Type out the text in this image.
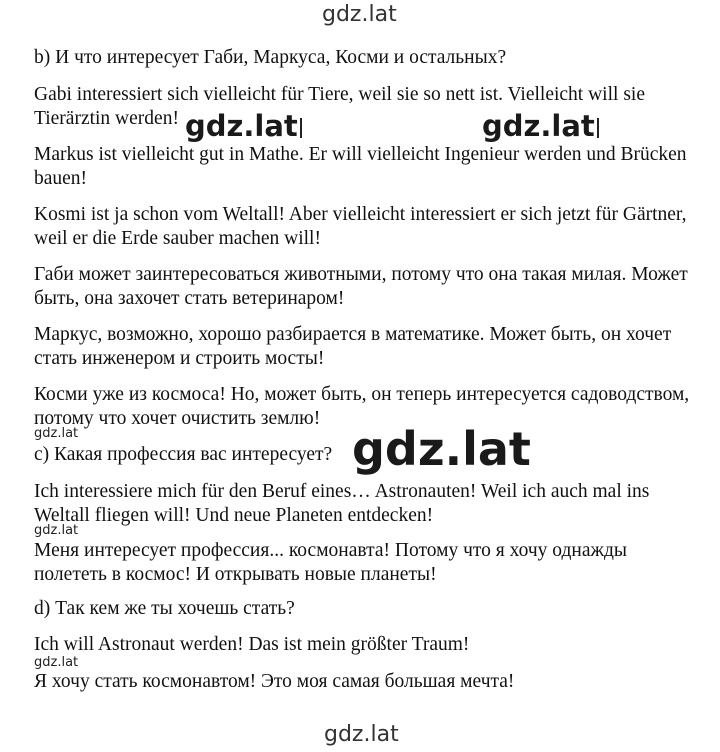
b) И что интересует Габи, Маркуса, Косми и остальных?

Gabi interessiert sich vielleicht für Tiere, weil sie so nett ist. Vielleicht will sie Tierärztin werden!

Markus ist vielleicht gut in Mathe. Er will vielleicht Ingenieur werden und Brücken bauen!

Kosmi ist ja schon vom Weltall! Aber vielleicht interessiert er sich jetzt für Gärtner, weil er die Erde sauber machen will!

Габи может заинтересоваться животными, потому что она такая милая. Может быть, она захочет стать ветеринаром!

Маркус, возможно, хорошо разбирается в математике. Может быть, он хочет стать инженером и строить мосты!

Косми уже из космоса! Но, может быть, он теперь интересуется садоводством, потому что хочет очистить землю!

c) Какая профессия вас интересует?

Ich interessiere mich für den Beruf eines… Astronauten! Weil ich auch mal ins Weltall fliegen will! Und neue Planeten entdecken!

Меня интересует профессия... космонавта! Потому что я хочу однажды полететь в космос! И открывать новые планеты!

d) Так кем же ты хочешь стать?

Ich will Astronaut werden! Das ist mein größter Traum!

Я хочу стать космонавтом! Это моя самая большая мечта!

gdz.lat
gdz.lat	gdz.lat
gdz.lat	gdz.lat
gdz.lat
gdz.lat
gdz.lat
